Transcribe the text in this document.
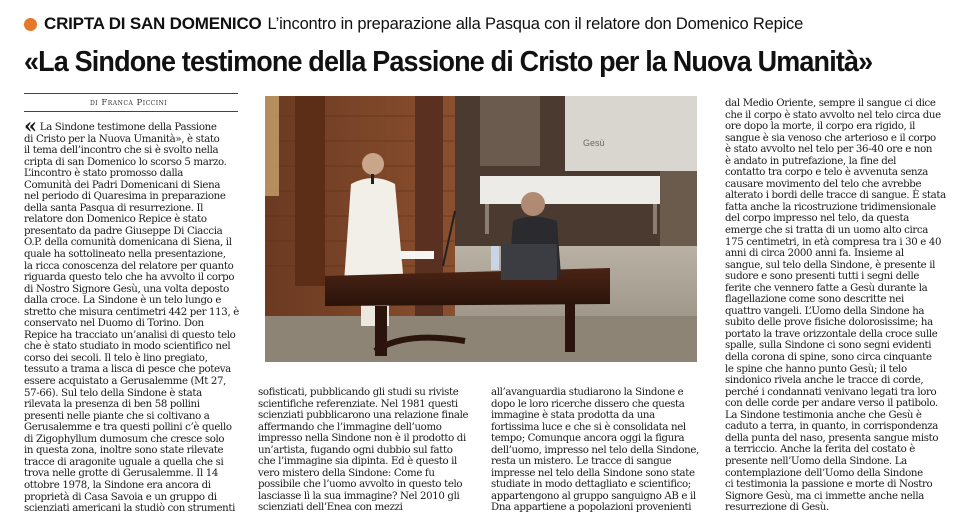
CRIPTA DI SAN DOMENICO L’incontro in preparazione alla Pasqua con il relatore don Domenico Repice
«La Sindone testimone della Passione di Cristo per la Nuova Umanità»
di Franca Piccini
Gesù
« La Sindone testimone della Passione
di Cristo per la Nuova Umanità», è stato
il tema dell’incontro che si è svolto nella
cripta di san Domenico lo scorso 5 marzo.
L’incontro è stato promosso dalla
Comunità dei Padri Domenicani di Siena
nel periodo di Quaresima in preparazione
della santa Pasqua di resurrezione. Il
relatore don Domenico Repice è stato
presentato da padre Giuseppe Di Ciaccia
O.P. della comunità domenicana di Siena, il
quale ha sottolineato nella presentazione,
la ricca conoscenza del relatore per quanto
riguarda questo telo che ha avvolto il corpo
di Nostro Signore Gesù, una volta deposto
dalla croce. La Sindone è un telo lungo e
stretto che misura centimetri 442 per 113, è
conservato nel Duomo di Torino. Don
Repice ha tracciato un’analisi di questo telo
che è stato studiato in modo scientifico nel
corso dei secoli. Il telo è lino pregiato,
tessuto a trama a lisca di pesce che poteva
essere acquistato a Gerusalemme (Mt 27,
57-66). Sul telo della Sindone è stata
rilevata la presenza di ben 58 pollini
presenti nelle piante che si coltivano a
Gerusalemme e tra questi pollini c’è quello
di Zigophyllum dumosum che cresce solo
in questa zona, inoltre sono state rilevate
tracce di aragonite uguale a quella che si
trova nelle grotte di Gerusalemme. Il 14
ottobre 1978, la Sindone era ancora di
proprietà di Casa Savoia e un gruppo di
scienziati americani la studiò con strumenti
sofisticati, pubblicando gli studi su riviste
scientifiche referenziate. Nel 1981 questi
scienziati pubblicarono una relazione finale
affermando che l’immagine dell’uomo
impresso nella Sindone non è il prodotto di
un’artista, fugando ogni dubbio sul fatto
che l’immagine sia dipinta. Ed è questo il
vero mistero della Sindone: Come fu
possibile che l’uomo avvolto in questo telo
lasciasse lì la sua immagine? Nel 2010 gli
scienziati dell’Enea con mezzi
all’avanguardia studiarono la Sindone e
dopo le loro ricerche dissero che questa
immagine è stata prodotta da una
fortissima luce e che si è consolidata nel
tempo; Comunque ancora oggi la figura
dell’uomo, impresso nel telo della Sindone,
resta un mistero. Le tracce di sangue
impresse nel telo della Sindone sono state
studiate in modo dettagliato e scientifico;
appartengono al gruppo sanguigno AB e il
Dna appartiene a popolazioni provenienti
dal Medio Oriente, sempre il sangue ci dice
che il corpo è stato avvolto nel telo circa due
ore dopo la morte, il corpo era rigido, il
sangue è sia venoso che arterioso e il corpo
è stato avvolto nel telo per 36-40 ore e non
è andato in putrefazione, la fine del
contatto tra corpo e telo è avvenuta senza
causare movimento del telo che avrebbe
alterato i bordi delle tracce di sangue. È stata
fatta anche la ricostruzione tridimensionale
del corpo impresso nel telo, da questa
emerge che si tratta di un uomo alto circa
175 centimetri, in età compresa tra i 30 e 40
anni di circa 2000 anni fa. Insieme al
sangue, sul telo della Sindone, è presente il
sudore e sono presenti tutti i segni delle
ferite che vennero fatte a Gesù durante la
flagellazione come sono descritte nei
quattro vangeli. L’Uomo della Sindone ha
subito delle prove fisiche dolorosissime; ha
portato la trave orizzontale della croce sulle
spalle, sulla Sindone ci sono segni evidenti
della corona di spine, sono circa cinquante
le spine che hanno punto Gesù; il telo
sindonico rivela anche le tracce di corde,
perché i condannati venivano legati tra loro
con delle corde per andare verso il patibolo.
La Sindone testimonia anche che Gesù è
caduto a terra, in quanto, in corrispondenza
della punta del naso, presenta sangue misto
a terriccio. Anche la ferita del costato è
presente nell’Uomo della Sindone. La
contemplazione dell’Uomo della Sindone
ci testimonia la passione e morte di Nostro
Signore Gesù, ma ci immette anche nella
resurrezione di Gesù.
